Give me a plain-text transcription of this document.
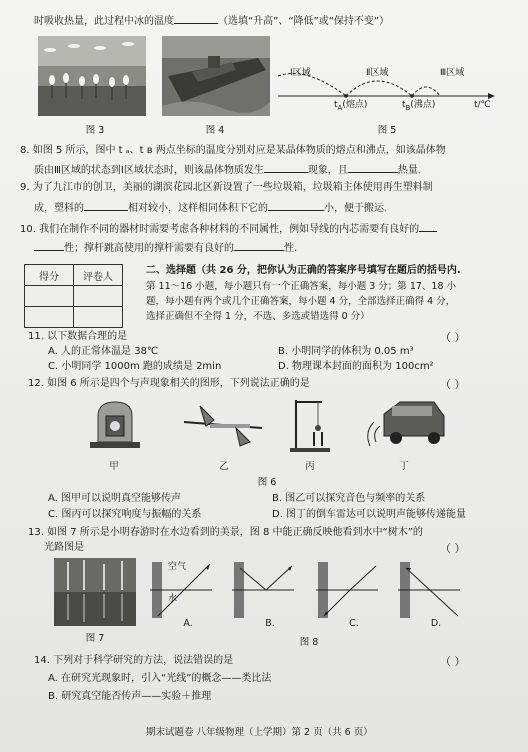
时吸收热量，此过程中冰的温度	（选填“升高”、“降低”或“保持不变”）
图 3	图 4
Ⅰ区域	Ⅱ区域	Ⅲ区域
$t_A$(熔点)	$t_B$(沸点)	t/℃
图 5
8. 如图 5 所示，图中 t ₐ、t ʙ 两点坐标的温度分别对应是某晶体物质的熔点和沸点，如该晶体物
质由Ⅲ区域的状态到Ⅰ区域状态时，则该晶体物质发生	现象，且	热量.
9. 为了九江市的创卫，美丽的湖滨花园北区新设置了一些垃圾箱，垃圾箱主体使用再生塑料制
成，塑料的	相对较小，这样相同体积下它的	小，便于搬运.
10. 我们在制作不同的器材时需要考虑各种材料的不同属性，例如导线的内芯需要有良好的
性；撑杆跳高使用的撑杆需要有良好的	性.
得分	评卷人

二、选择题（共 26 分，把你认为正确的答案序号填写在题后的括号内.
第 11～16 小题，每小题只有一个正确答案，每小题 3 分；第 17、18 小
题，每小题有两个或几个正确答案，每小题 4 分，全部选择正确得 4 分，
选择正确但不全得 1 分，不选、多选或错选得 0 分）
11. 以下数据合理的是	（ ）
A. 人的正常体温是 38℃	B. 小明同学的体积为 0.05 m³
C. 小明同学 1000m 跑的成绩是 2min	D. 物理课本封面的面积为 100cm²
12. 如图 6 所示是四个与声现象相关的图形，下列说法正确的是	（ ）
甲	乙	丙	丁
图 6
A. 图甲可以说明真空能够传声	B. 图乙可以探究音色与频率的关系
C. 图丙可以探究响度与振幅的关系	D. 图丁的倒车雷达可以说明声能够传递能量
13. 如图 7 所示是小明春游时在水边看到的美景，图 8 中能正确反映他看到水中“树木”的
光路图是	（ ）
图 7
空气
水
A.	B.	C.	D.
图 8
14. 下列对于科学研究的方法，说法错误的是	（ ）
A. 在研究光现象时，引入“光线”的概念——类比法
B. 研究真空能否传声——实验＋推理
期末试题卷 八年级物理（上学期）第 2 页（共 6 页）
